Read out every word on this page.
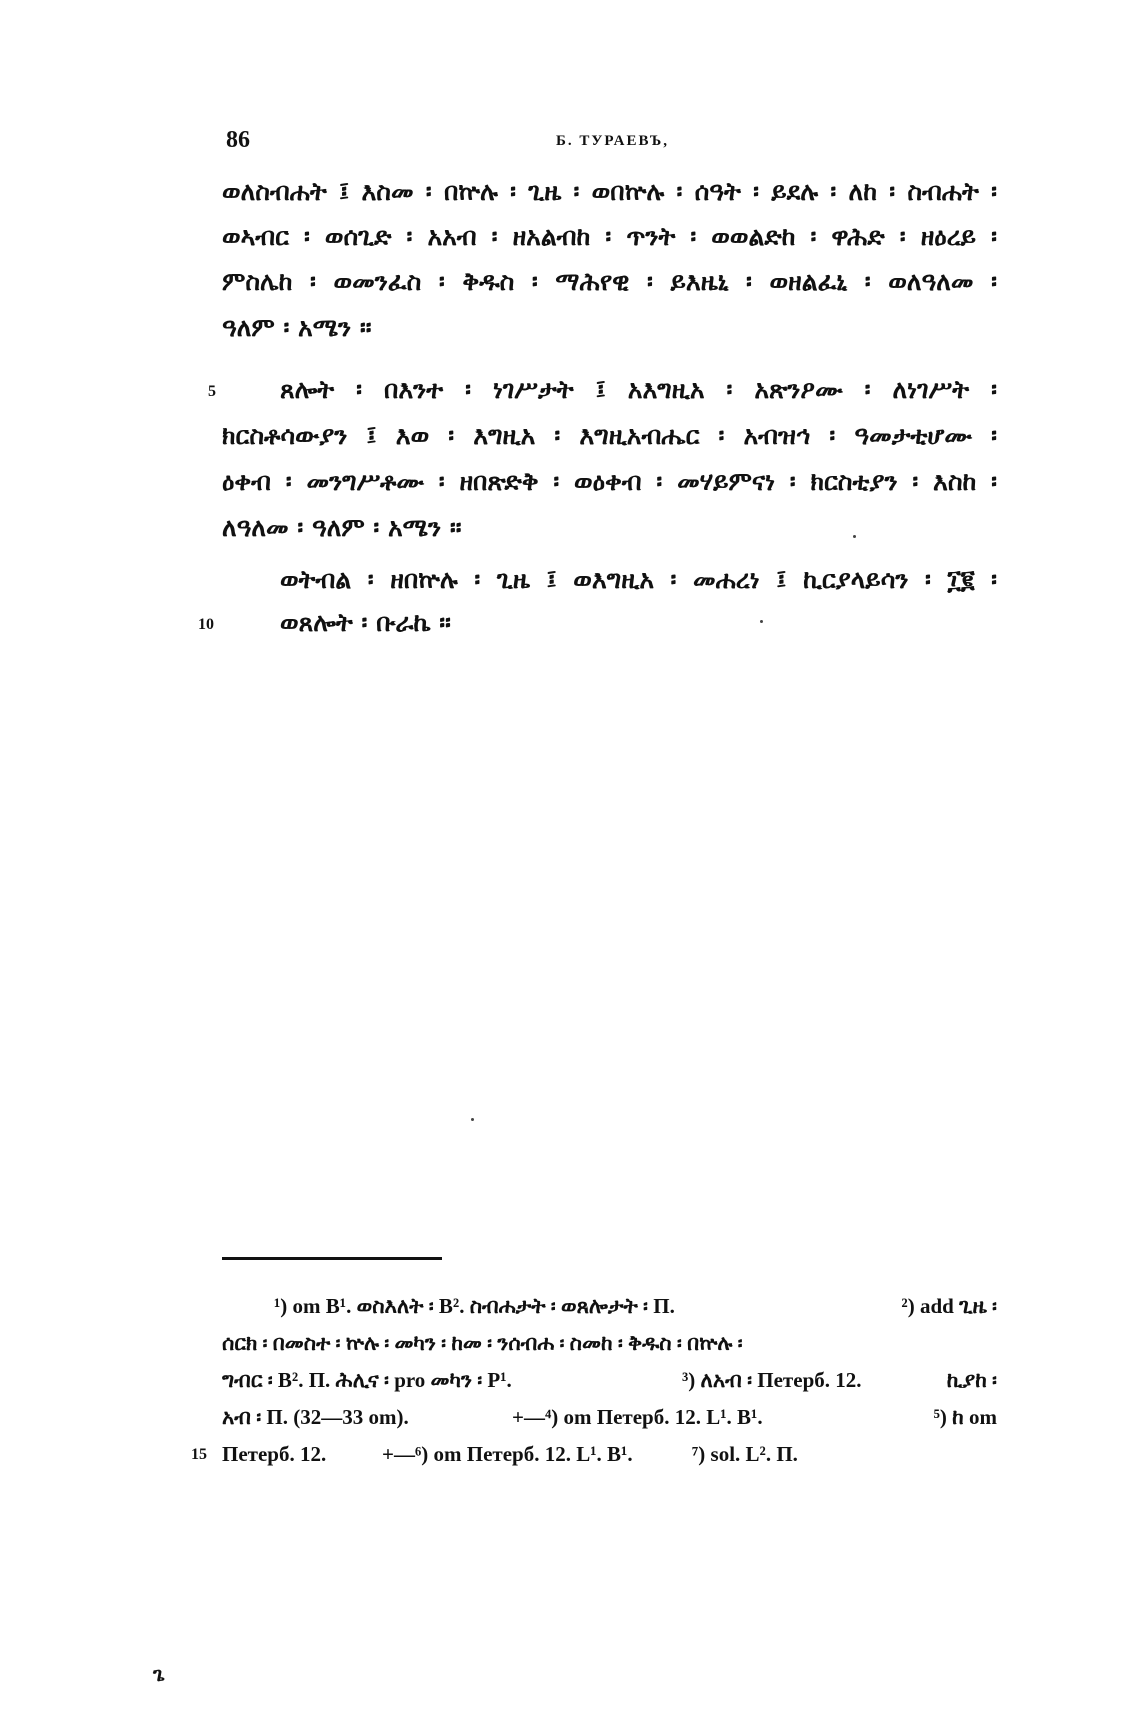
86	Б. ТУРАЕВЪ,
ወለስብሐት ፤ እስመ ፡ በኵሉ ፡ ጊዜ ፡ ወበኵሉ ፡ ሰዓት ፡ ይደሉ ፡ ለከ ፡ ስብሐት ፡
ወኣብር ፡ ወሰጊድ ፡ አአብ ፡ ዘአልብከ ፡ ጥንት ፡ ወወልድከ ፡ ዋሕድ ፡ ዘዕረይ ፡
ምስሌከ ፡ ወመንፈስ ፡ ቅዱስ ፡ ማሕየዊ ፡ ይእዜኒ ፡ ወዘልፈኒ ፡ ወለዓለመ ፡
ዓለም ፡ አሜን ።
5	ጸሎት ፡ በእንተ ፡ ነገሥታት ፤ አእግዚአ ፡ አጽንዖሙ ፡ ለነገሥት ፡
ክርስቶሳውያን ፤ እወ ፡ እግዚአ ፡ እግዚአብሔር ፡ አብዝኅ ፡ ዓመታቲሆሙ ፡
ዕቀብ ፡ መንግሥቶሙ ፡ ዘበጽድቅ ፡ ወዕቀብ ፡ መሃይምናነ ፡ ክርስቲያን ፡ እስከ ፡
ለዓለመ ፡ ዓለም ፡ አሜን ።
ወትብል ፡ ዘበኵሉ ፡ ጊዜ ፤ ወእግዚአ ፡ መሐረነ ፤ ኪርያላይሳን ፡ ፲፪ ፡
10	ወጸሎት ፡ ቡራኬ ።
¹) om B¹. ወስእለት ፡ B². ስብሐታት ፡ ወጸሎታት ፡ П.	²) add ጊዜ ፡
ሰርክ ፡ በመስተ ፡ ኵሉ ፡ መካን ፡ ከመ ፡ ንሰብሐ ፡ ስመከ ፡ ቅዱስ ፡ በኵሉ ፡
ግብር ፡ B². П. ሕሊና ፡ pro መካን ፡ P¹.	³) ለአብ ፡ Петерб. 12.	ኪያከ ፡
አብ ፡ П. (32—33 om).	+—⁴) om Петерб. 12. L¹. B¹.	⁵) ከ om
15 Петерб. 12.	+—⁶) om Петерб. 12. L¹. B¹.	⁷) sol. L². П.
ጌ
